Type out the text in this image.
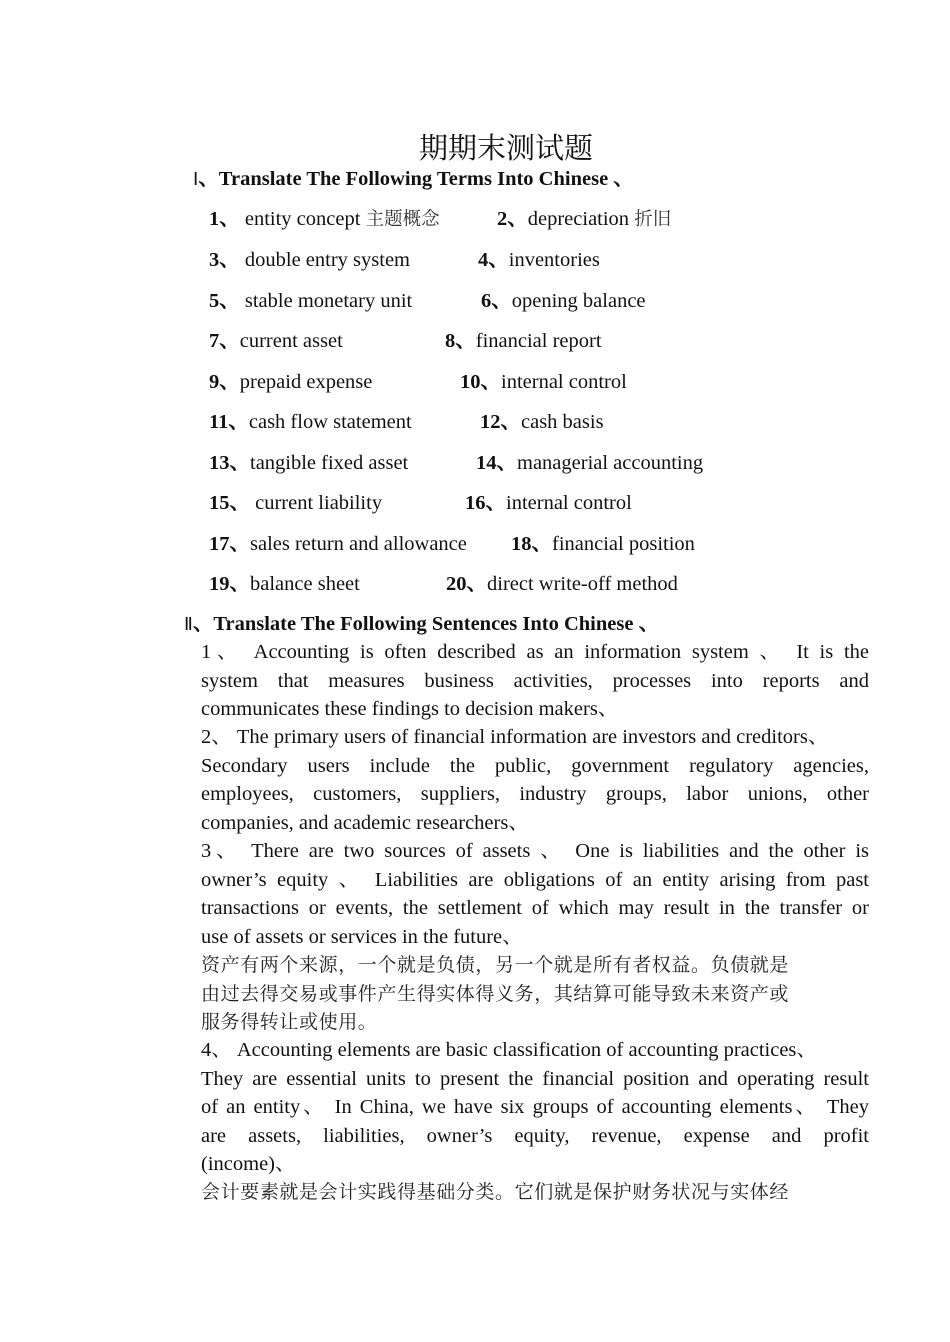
期期末测试题
Ⅰ、Translate The Following Terms Into Chinese 、
1、 entity concept 主题概念	2、depreciation 折旧
3、 double entry system	4、inventories
5、 stable monetary unit	6、opening balance
7、current asset	8、financial report
9、prepaid expense	10、internal control
11、cash flow statement	12、cash basis
13、tangible fixed asset	14、managerial accounting
15、 current liability	16、internal control
17、sales return and allowance 18、financial position
19、balance sheet	20、direct write-off method
Ⅱ、Translate The Following Sentences Into Chinese 、
1、 Accounting is often described as an information system 、 It is the
system that measures business activities, processes into reports and
communicates these findings to decision makers、
2、 The primary users of financial information are investors and creditors、
Secondary users include the public, government regulatory agencies,
employees, customers, suppliers, industry groups, labor unions, other
companies, and academic researchers、
3、 There are two sources of assets 、 One is liabilities and the other is
owner’s equity 、 Liabilities are obligations of an entity arising from past
transactions or events, the settlement of which may result in the transfer or
use of assets or services in the future、
资产有两个来源，一个就是负债，另一个就是所有者权益。负债就是
由过去得交易或事件产生得实体得义务，其结算可能导致未来资产或
服务得转让或使用。
4、 Accounting elements are basic classification of accounting practices、
They are essential units to present the financial position and operating result
of an entity、 In China, we have six groups of accounting elements、 They
are assets, liabilities, owner’s equity, revenue, expense and profit
(income)、
会计要素就是会计实践得基础分类。它们就是保护财务状况与实体经
